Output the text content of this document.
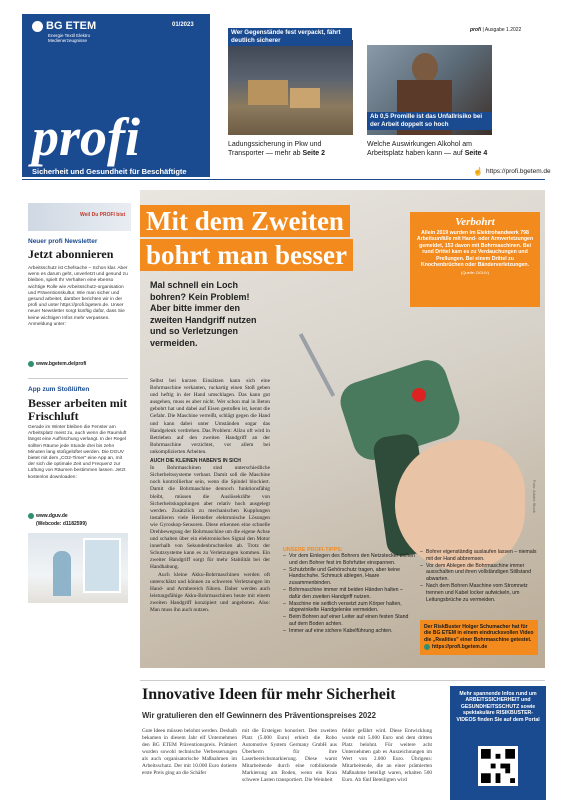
BG ETEM
Energie Textil Elektro Medienerzeugnisse
01/2023
profi
Sicherheit und Gesundheit für Beschäftigte
Wer Gegenstände fest verpackt, fährt deutlich sicherer
Ladungssicherung in Pkw und Transporter — mehr ab Seite 2
Ab 0,5 Promille ist das Unfallrisiko bei der Arbeit doppelt so hoch
Welche Auswirkungen Alkohol am Arbeitsplatz haben kann — auf Seite 4
profi | Ausgabe 1.2022
☝ https://profi.bgetem.de
Weil Du PROFI bist
Neuer profi Newsletter
Jetzt abonnieren
Arbeitsschutz ist Chefsache – Schon klar. Aber wenn es darum geht, unverletzt und gesund zu bleiben, spielt Ihr Verhalten eine ebenso wichtige Rolle wie Arbeitsschutz-organisation und Präventionskultur. Wie man sicher und gesund arbeitet, darüber berichten wir in der profi und unter https://profi.bgetem.de. Unser neuer Newsletter sorgt künftig dafür, dass Sie keine wichtigen Infos mehr verpassen. Anmeldung unter:
www.bgetem.de/profi
App zum Stoßlüften
Besser arbeiten mit Frischluft
Gerade im Winter bleiben die Fenster am Arbeitsplatz meist zu, auch wenn die Raumluft längst eine Auffrischung verlangt. In der Regel sollten Räume jede Stunde drei bis zehn Minuten lang stoßgelüftet werden. Die DGUV bietet mit dem „CO2-Timer" eine App an, mit der sich die optimale Zeit und Frequenz zur Lüftung von Räumen bestimmen lassen. Jetzt kostenlos downloaden:
www.dguv.de
(Webcode: d1182599)
Foto: Adobe Stock
Mit dem Zweiten
bohrt man besser
Verbohrt
Allein 2019 wurden im Elektrohandwerk 798 Arbeitsunfälle mit Hand- oder Armverletzungen gemeldet, 153 davon mit Bohrmaschinen. Bei rund Drittel kam es zu Verdauchungen und Prellungen. Bei einem Drittel zu Knochenbrüchen oder Bänderverletzungen.
(Quelle: DGUV)
Mal schnell ein Loch bohren? Kein Problem! Aber bitte immer den zweiten Handgriff nutzen und so Verletzungen vermeiden.

Selbst bei kurzen Einsätzen kann sich eine Bohrmaschine verkanten, ruckartig einen Stoß geben und heftig in der Hand umschlagen. Das kann gut ausgehen, muss es aber nicht. Wer schon mal in Beton gebohrt hat und dabei auf Eisen gestoßen ist, kennt die Gefahr. Die Maschine verreißt, schlägt gegen die Hand und kann dabei unter Umständen sogar das Handgelenk verdrehen. Das Problem: Allzu oft wird in Betrieben auf den zweiten Handgriff an der Bohrmaschine verzichtet, vor allem bei unkomplizierten Arbeiten.

AUCH DIE KLEINEN HABEN'S IN SICH

In Bohrmaschinen sind unterschiedliche Sicherheitssysteme verbaut. Damit soll die Maschine noch kontrollierbar sein, wenn die Spindel blockiert. Damit die Bohrmaschine dennoch funktionsfähig bleibt, müssen die Auslösekräfte von Sicherheitskupplungen aber relativ hoch ausgelegt werden. Zusätzlich zu mechanischen Kupplungen installieren viele Hersteller elektronische Lösungen wie Gyroskop-Sensoren. Diese erkennen eine schnelle Drehbewegung der Bohrmaschine um die eigene Achse und schalten über ein elektronisches Signal den Motor innerhalb von Sekundenbruchteilen ab. Trotz der Schutzsysteme kann es zu Verletzungen kommen. Ein zweiter Handgriff sorgt für mehr Stabilität bei der Handhabung.

Auch kleine Akku-Bohrmaschinen werden oft unterschätzt und können zu schweren Verletzungen im Hand- und Armbereich führen. Daher werden auch leistungsfähige Akku-Bohrmaschinen heute mit einem zweiten Handgriff konzipiert und angeboten. Also: Man muss ihn auch nutzen.

UNSERE PROFI-TIPPS:
– Vor dem Einlegen des Bohrers den Netzstecker ziehen und den Bohrer fest im Bohrfutter einspannen.
– Schutzbrille und Gehörschutz tragen, aber keine Handschuhe. Schmuck ablegen, Haare zusammenbinden.
– Bohrmaschine immer mit beiden Händen halten – dafür den zweiten Handgriff nutzen.
– Maschine nie seitlich versetzt zum Körper halten, abgewinkelte Handgelenke vermeiden.
– Beim Bohren auf einer Leiter auf einen festen Stand auf dem Boden achten.
– Immer auf eine sichere Kabelführung achten.
– Bohrer eigenständig auslaufen lassen – niemals mit der Hand abbremsen.
– Vor dem Ablegen die Bohrmaschine immer ausschalten und ihren vollständigen Stillstand abwarten.
– Nach dem Bohren Maschine vom Stromnetz trennen und Kabel locker aufwickeln, um Leitungsbrüche zu vermeiden.
Der RiskBuster Holger Schumacher hat für die BG ETEM in einem eindrucksvollen Video die „Realities" einer Bohrmaschine getestet.
https://profi.bgetem.de
Innovative Ideen für mehr Sicherheit
Wir gratulieren den elf Gewinnern des Präventionspreises 2022
Gute Ideen müssen belohnt werden. Deshalb bekamen in diesem Jahr elf Unternehmen den BG ETEM Präventionspreis. Prämiert wurden sowohl technische Verbesserungen als auch organisatorische Maßnahmen im Arbeitsschutz. Der mit 10.000 Euro dotierte erste Preis ging an die Schäfer
mit die Ersteigen honoriert. Den zweiten Platz (5.000 Euro) erhielt die Robo Automotive System Germany GmbH aus Überherrn für ihre Laserbereichsmarkierung. Diese warnt Mitarbeitende durch eine rotblinkende Markierung am Boden, wenn ein Kran schwere Lasten transportiert. Die Weinheit
felder gefährt wird. Diese Entwicklung wurde mit 5.000 Euro und dem dritten Platz belohnt. Für weitere acht Unternehmen gab es Auszeichnungen im Wert von 2.000 Euro. Übrigens: Mitarbeitende, die an einer prämierten Maßnahme beteiligt waren, erhalten 500 Euro. Ab fünf Beteiligten wird
Mehr spannende Infos rund um ARBEITSSICHERHEIT und GESUNDHEITSSCHUTZ sowie spektakuläre RISIKBUSTER-VIDEOS finden Sie auf dem Portal
